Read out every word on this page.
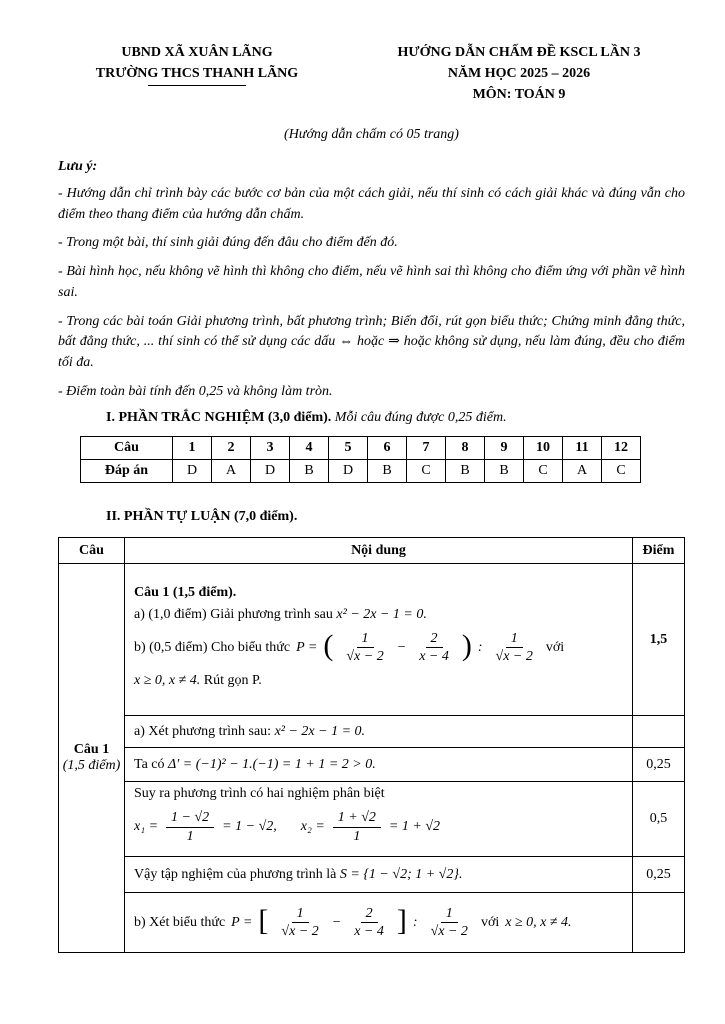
UBND XÃ XUÂN LÃNG
TRƯỜNG THCS THANH LÃNG
HƯỚNG DẪN CHẤM ĐỀ KSCL LẦN 3
NĂM HỌC 2025 – 2026
MÔN: TOÁN 9
(Hướng dẫn chấm có 05 trang)
Lưu ý:

- Hướng dẫn chỉ trình bày các bước cơ bản của một cách giải, nếu thí sinh có cách giải khác và đúng vẫn cho điểm theo thang điểm của hướng dẫn chấm.

- Trong một bài, thí sinh giải đúng đến đâu cho điểm đến đó.

- Bài hình học, nếu không vẽ hình thì không cho điểm, nếu vẽ hình sai thì không cho điểm ứng với phần vẽ hình sai.

- Trong các bài toán Giải phương trình, bất phương trình; Biến đổi, rút gọn biểu thức; Chứng minh đẳng thức, bất đẳng thức, ... thí sinh có thể sử dụng các dấu ⇔ hoặc ⇒ hoặc không sử dụng, nếu làm đúng, đều cho điểm tối đa.

- Điểm toàn bài tính đến 0,25 và không làm tròn.

I. PHẦN TRẮC NGHIỆM (3,0 điểm). Mỗi câu đúng được 0,25 điểm.
Câu	1	2	3	4	5	6	7	8	9	10	11	12
Đáp án	D	A	D	B	D	B	C	B	B	C	A	C
II. PHẦN TỰ LUẬN (7,0 điểm).
Câu	Nội dung	Điểm

Câu 1
(1,5 điểm)

Câu 1 (1,5 điểm).
a) (1,0 điểm) Giải phương trình sau x² − 2x − 1 = 0.
b) (0,5 điểm) Cho biểu thức P = ( $\frac{1}{√x - 2} - \frac{2}{x - 4}$ ) : $\frac{1}{√x - 2}$ với
x ≥ 0, x ≠ 4. Rút gọn P.
	1,5
	a) Xét phương trình sau: x² − 2x − 1 = 0.	
	Ta có Δ′ = (−1)² − 1.(−1) = 1 + 1 = 2 > 0.	0,25

Suy ra phương trình có hai nghiệm phân biệt
$x_1 = \frac{1 - √2}{1} = 1 - √2$, $x_2 = \frac{1 + √2}{1} = 1 + √2$
	0,5
	Vậy tập nghiệm của phương trình là S = {1 − √2; 1 + √2}.	0,25

b) Xét biểu thức P = [ $\frac{1}{√x - 2} - \frac{2}{x - 4}$ ] : $\frac{1}{√x - 2}$ với x ≥ 0, x ≠ 4.
